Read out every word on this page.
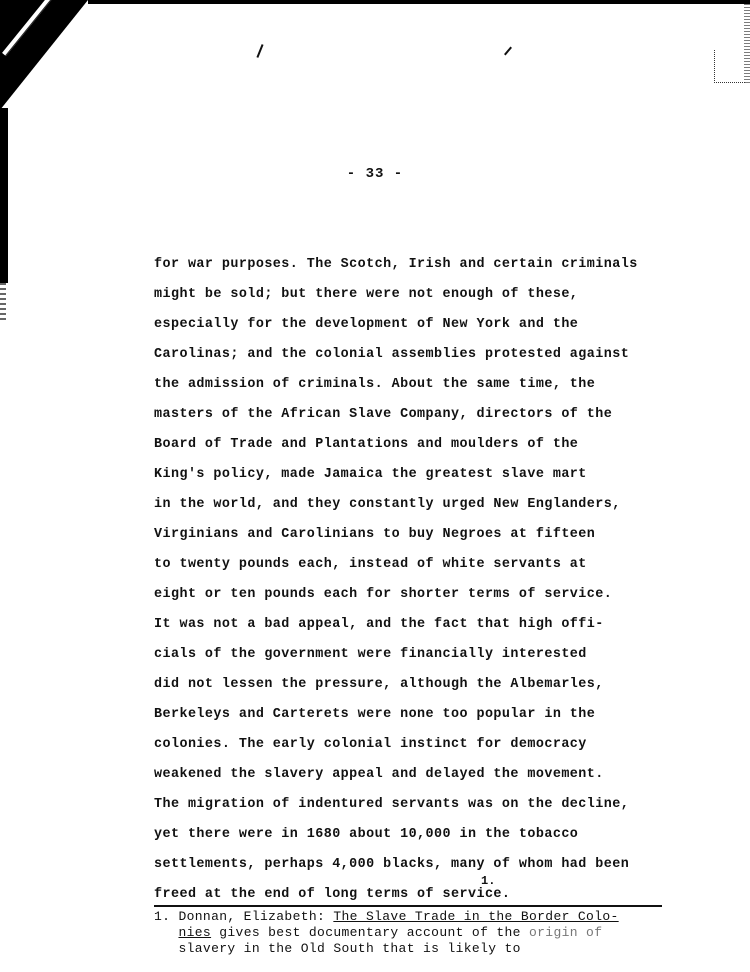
- 33 -
for war purposes. The Scotch, Irish and certain criminals
might be sold; but there were not enough of these,
especially for the development of New York and the
Carolinas; and the colonial assemblies protested against
the admission of criminals. About the same time, the
masters of the African Slave Company, directors of the
Board of Trade and Plantations and moulders of the
King's policy, made Jamaica the greatest slave mart
in the world, and they constantly urged New Englanders,
Virginians and Carolinians to buy Negroes at fifteen
to twenty pounds each, instead of white servants at
eight or ten pounds each for shorter terms of service.
It was not a bad appeal, and the fact that high offi-
cials of the government were financially interested
did not lessen the pressure, although the Albemarles,
Berkeleys and Carterets were none too popular in the
colonies. The early colonial instinct for democracy
weakened the slavery appeal and delayed the movement.
The migration of indentured servants was on the decline,
yet there were in 1680 about 10,000 in the tobacco
settlements, perhaps 4,000 blacks, many of whom had been
freed at the end of long terms of service.
1.
1. Donnan, Elizabeth: The Slave Trade in the Border Colo-
nies gives best documentary account of the origin of
slavery in the Old South that is likely to
